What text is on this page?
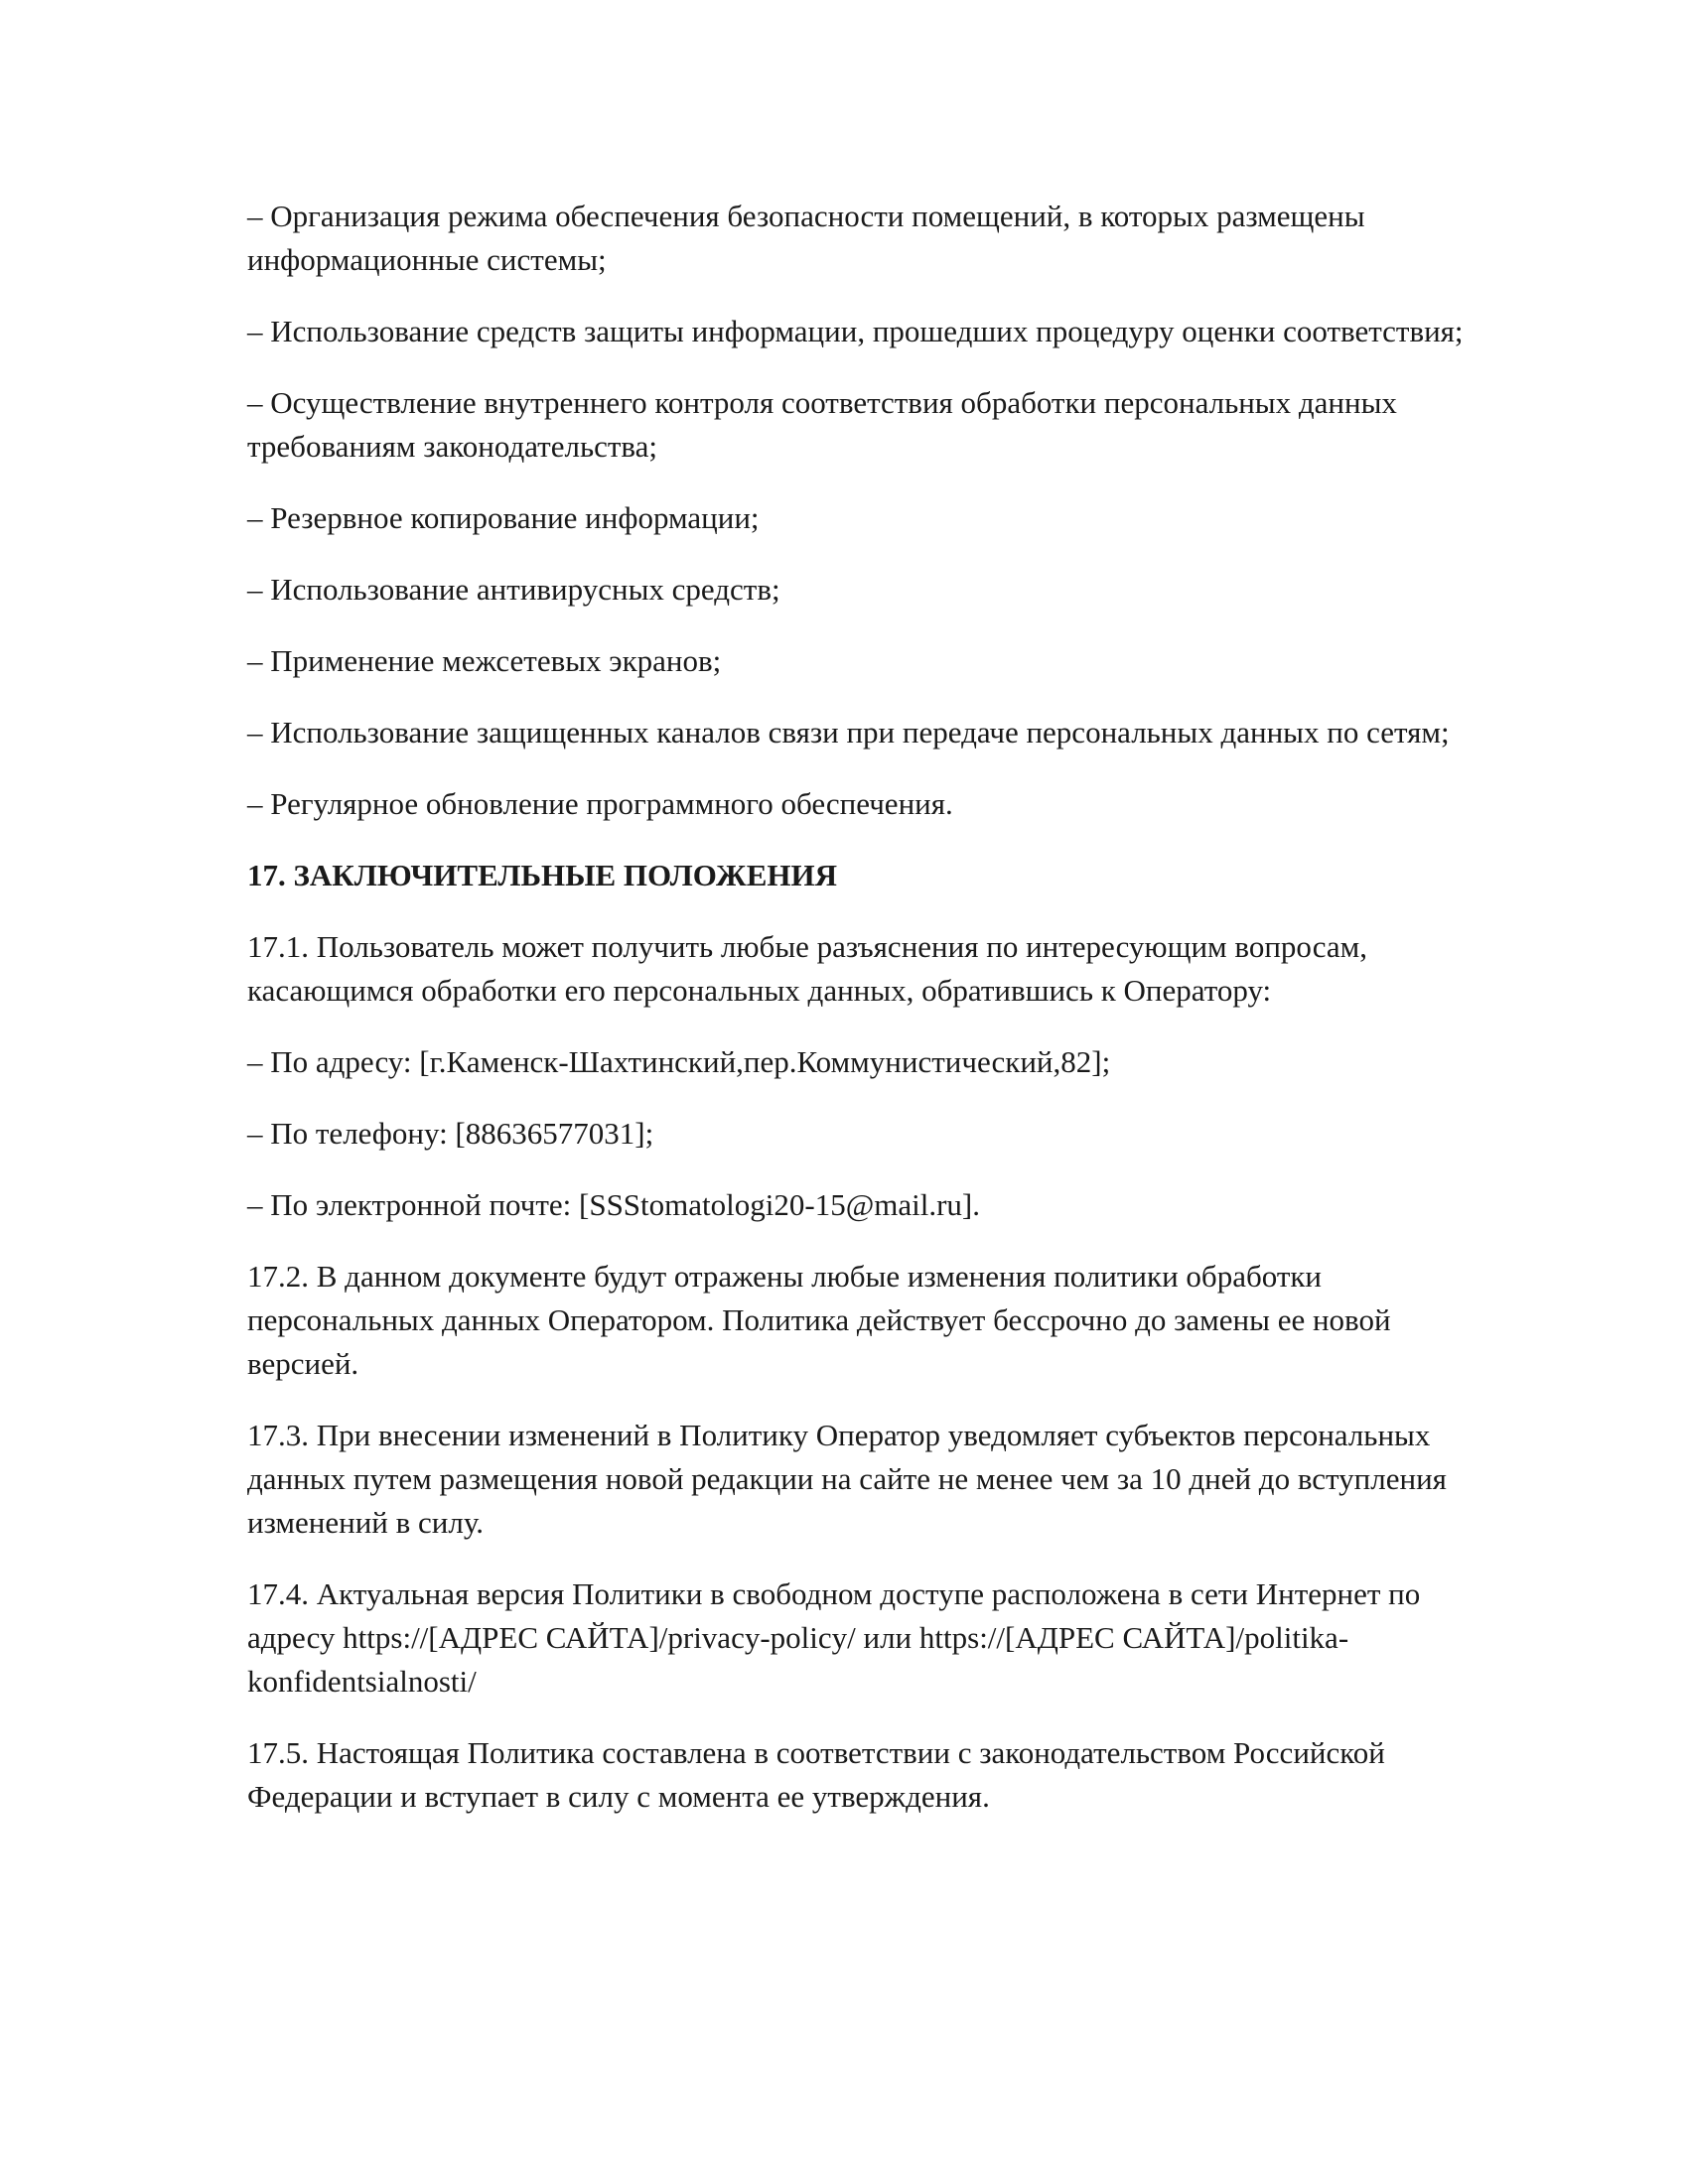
– Организация режима обеспечения безопасности помещений, в которых размещены информационные системы;

– Использование средств защиты информации, прошедших процедуру оценки соответствия;

– Осуществление внутреннего контроля соответствия обработки персональных данных требованиям законодательства;

– Резервное копирование информации;

– Использование антивирусных средств;

– Применение межсетевых экранов;

– Использование защищенных каналов связи при передаче персональных данных по сетям;

– Регулярное обновление программного обеспечения.

17. ЗАКЛЮЧИТЕЛЬНЫЕ ПОЛОЖЕНИЯ

17.1. Пользователь может получить любые разъяснения по интересующим вопросам, касающимся обработки его персональных данных, обратившись к Оператору:

– По адресу: [г.Каменск-Шахтинский,пер.Коммунистический,82];

– По телефону: [88636577031];

– По электронной почте: [SSStomatologi20-15@mail.ru].

17.2. В данном документе будут отражены любые изменения политики обработки персональных данных Оператором. Политика действует бессрочно до замены ее новой версией.

17.3. При внесении изменений в Политику Оператор уведомляет субъектов персональных данных путем размещения новой редакции на сайте не менее чем за 10 дней до вступления изменений в силу.

17.4. Актуальная версия Политики в свободном доступе расположена в сети Интернет по адресу https://[АДРЕС САЙТА]/privacy-policy/ или https://[АДРЕС САЙТА]/politika-konfidentsialnosti/

17.5. Настоящая Политика составлена в соответствии с законодательством Российской Федерации и вступает в силу с момента ее утверждения.
